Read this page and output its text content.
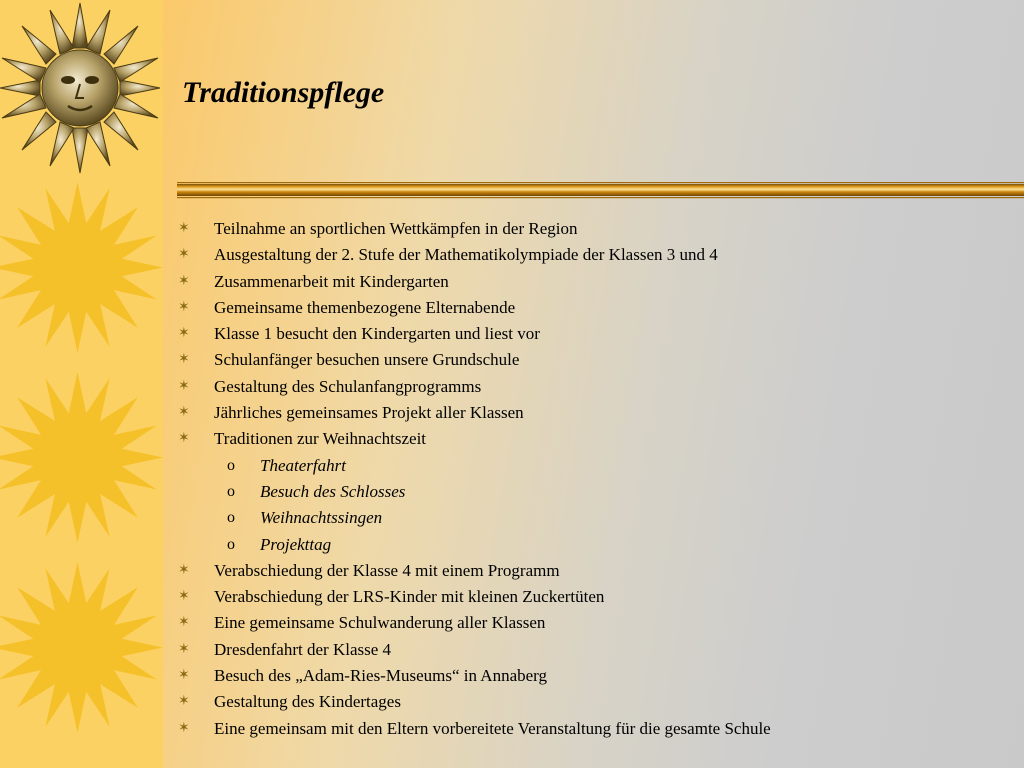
Traditionspflege
✶	Teilnahme an sportlichen Wettkämpfen in der Region
✶	Ausgestaltung der 2. Stufe der Mathematikolympiade der Klassen 3 und 4
✶	Zusammenarbeit mit Kindergarten
✶	Gemeinsame themenbezogene Elternabende
✶	Klasse 1 besucht den Kindergarten und liest vor
✶	Schulanfänger besuchen unsere Grundschule
✶	Gestaltung des Schulanfangprogramms
✶	Jährliches gemeinsames Projekt aller Klassen
✶	Traditionen zur Weihnachtszeit
o	Theaterfahrt
o	Besuch des Schlosses
o	Weihnachtssingen
o	Projekttag
✶	Verabschiedung der Klasse 4 mit einem Programm
✶	Verabschiedung der LRS-Kinder mit kleinen Zuckertüten
✶	Eine gemeinsame Schulwanderung aller Klassen
✶	Dresdenfahrt der Klasse 4
✶	Besuch des „Adam-Ries-Museums“ in Annaberg
✶	Gestaltung des Kindertages
✶	Eine gemeinsam mit den Eltern vorbereitete Veranstaltung für die gesamte Schule
